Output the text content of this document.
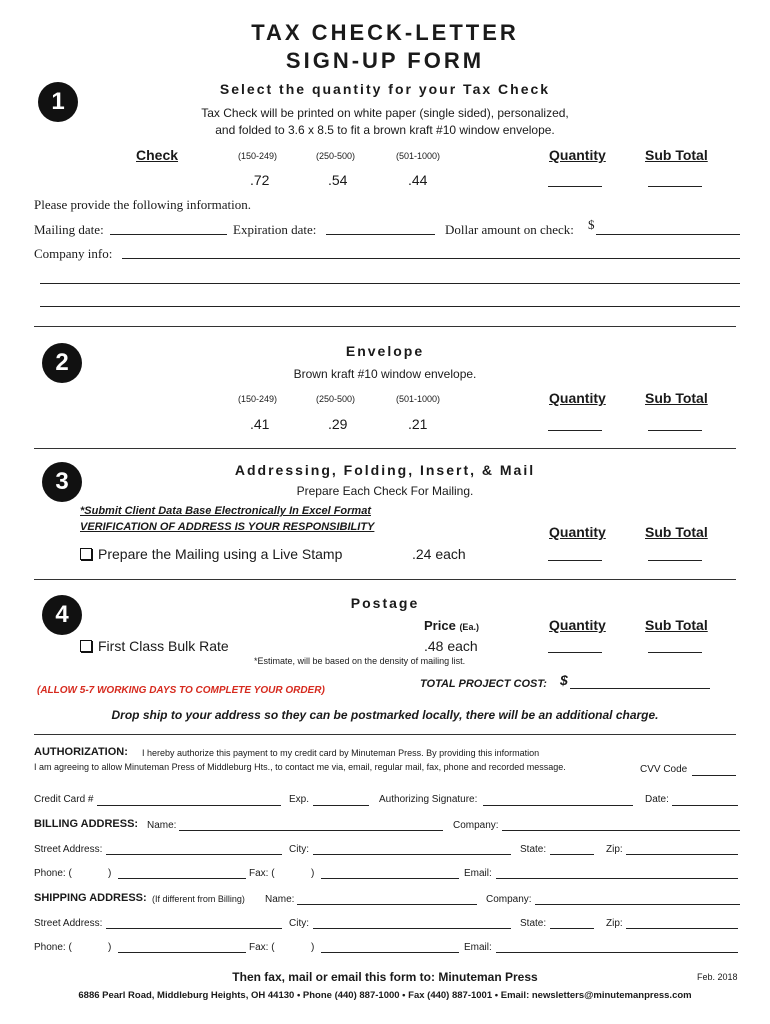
TAX CHECK-LETTER
SIGN-UP FORM
1	Select the quantity for your Tax Check
Tax Check will be printed on white paper (single sided), personalized,
and folded to 3.6 x 8.5 to fit a brown kraft #10 window envelope.
Check	(150-249)	(250-500)	(501-1000)	Quantity	Sub Total
.72	.54	.44
Please provide the following information.
Mailing date:	Expiration date:	Dollar amount on check: $
Company info:
2	Envelope
Brown kraft #10 window envelope.
(150-249)	(250-500)	(501-1000)	Quantity	Sub Total
.41	.29	.21
3	Addressing, Folding, Insert, & Mail
Prepare Each Check For Mailing.
*Submit Client Data Base Electronically In Excel Format
VERIFICATION OF ADDRESS IS YOUR RESPONSIBILITY	Quantity	Sub Total
Prepare the Mailing using a Live Stamp	.24 each
4	Postage
Price (Ea.)	Quantity	Sub Total
First Class Bulk Rate	.48 each
*Estimate, will be based on the density of mailing list.
TOTAL PROJECT COST: $
(ALLOW 5-7 WORKING DAYS TO COMPLETE YOUR ORDER)
Drop ship to your address so they can be postmarked locally, there will be an additional charge.
AUTHORIZATION: I hereby authorize this payment to my credit card by Minuteman Press. By providing this information
I am agreeing to allow Minuteman Press of Middleburg Hts., to contact me via, email, regular mail, fax, phone and recorded message.	CVV Code
Credit Card #	Exp.	Authorizing Signature:	Date:
BILLING ADDRESS: Name:	Company:
Street Address:	City:	State:	Zip:
Phone: (	)	Fax: (	)	Email:
SHIPPING ADDRESS: (If different from Billing) Name:	Company:
Street Address:	City:	State:	Zip:
Phone: (	)	Fax: (	)	Email:
Then fax, mail or email this form to: Minuteman Press	Feb. 2018
6886 Pearl Road, Middleburg Heights, OH 44130 • Phone (440) 887-1000 • Fax (440) 887-1001 • Email: newsletters@minutemanpress.com
